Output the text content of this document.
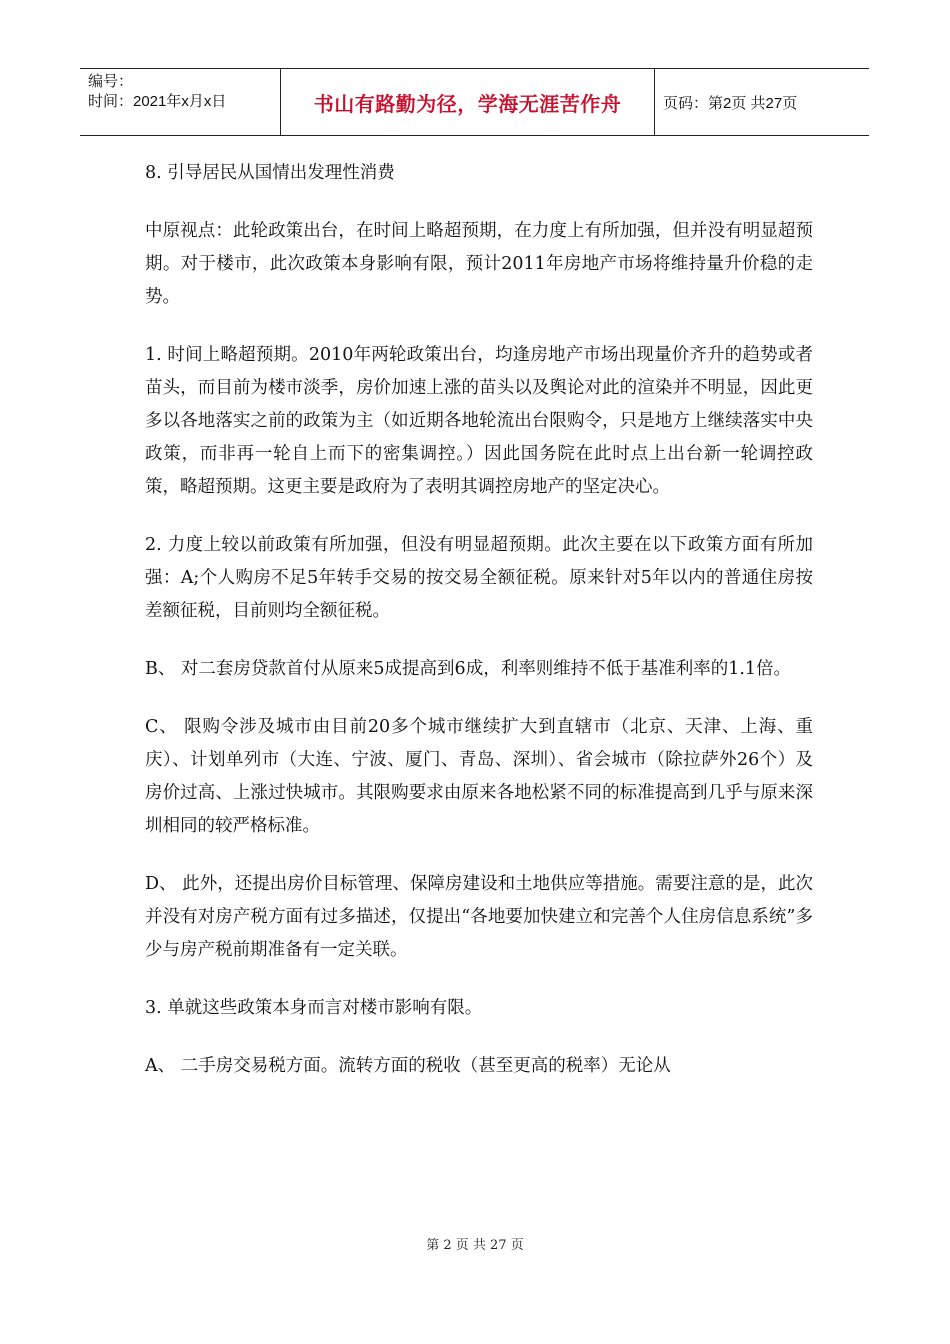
编号：
时间：2021年x月x日	书山有路勤为径，学海无涯苦作舟	页码：第2页 共27页

8. 引导居民从国情出发理性消费

中原视点：此轮政策出台，在时间上略超预期，在力度上有所加强，但并没有明显超预期。对于楼市，此次政策本身影响有限，预计2011年房地产市场将维持量升价稳的走势。

1. 时间上略超预期。2010年两轮政策出台，均逢房地产市场出现量价齐升的趋势或者苗头，而目前为楼市淡季，房价加速上涨的苗头以及舆论对此的渲染并不明显，因此更多以各地落实之前的政策为主（如近期各地轮流出台限购令，只是地方上继续落实中央政策，而非再一轮自上而下的密集调控。）因此国务院在此时点上出台新一轮调控政策，略超预期。这更主要是政府为了表明其调控房地产的坚定决心。

2. 力度上较以前政策有所加强，但没有明显超预期。此次主要在以下政策方面有所加强：A;个人购房不足5年转手交易的按交易全额征税。原来针对5年以内的普通住房按差额征税，目前则均全额征税。

B、 对二套房贷款首付从原来5成提高到6成，利率则维持不低于基准利率的1.1倍。

C、 限购令涉及城市由目前20多个城市继续扩大到直辖市（北京、天津、上海、重庆）、计划单列市（大连、宁波、厦门、青岛、深圳）、省会城市（除拉萨外26个）及房价过高、上涨过快城市。其限购要求由原来各地松紧不同的标准提高到几乎与原来深圳相同的较严格标准。

D、 此外，还提出房价目标管理、保障房建设和土地供应等措施。需要注意的是，此次并没有对房产税方面有过多描述，仅提出“各地要加快建立和完善个人住房信息系统”多少与房产税前期准备有一定关联。

3. 单就这些政策本身而言对楼市影响有限。

A、 二手房交易税方面。流转方面的税收（甚至更高的税率）无论从

第 2 页 共 27 页
